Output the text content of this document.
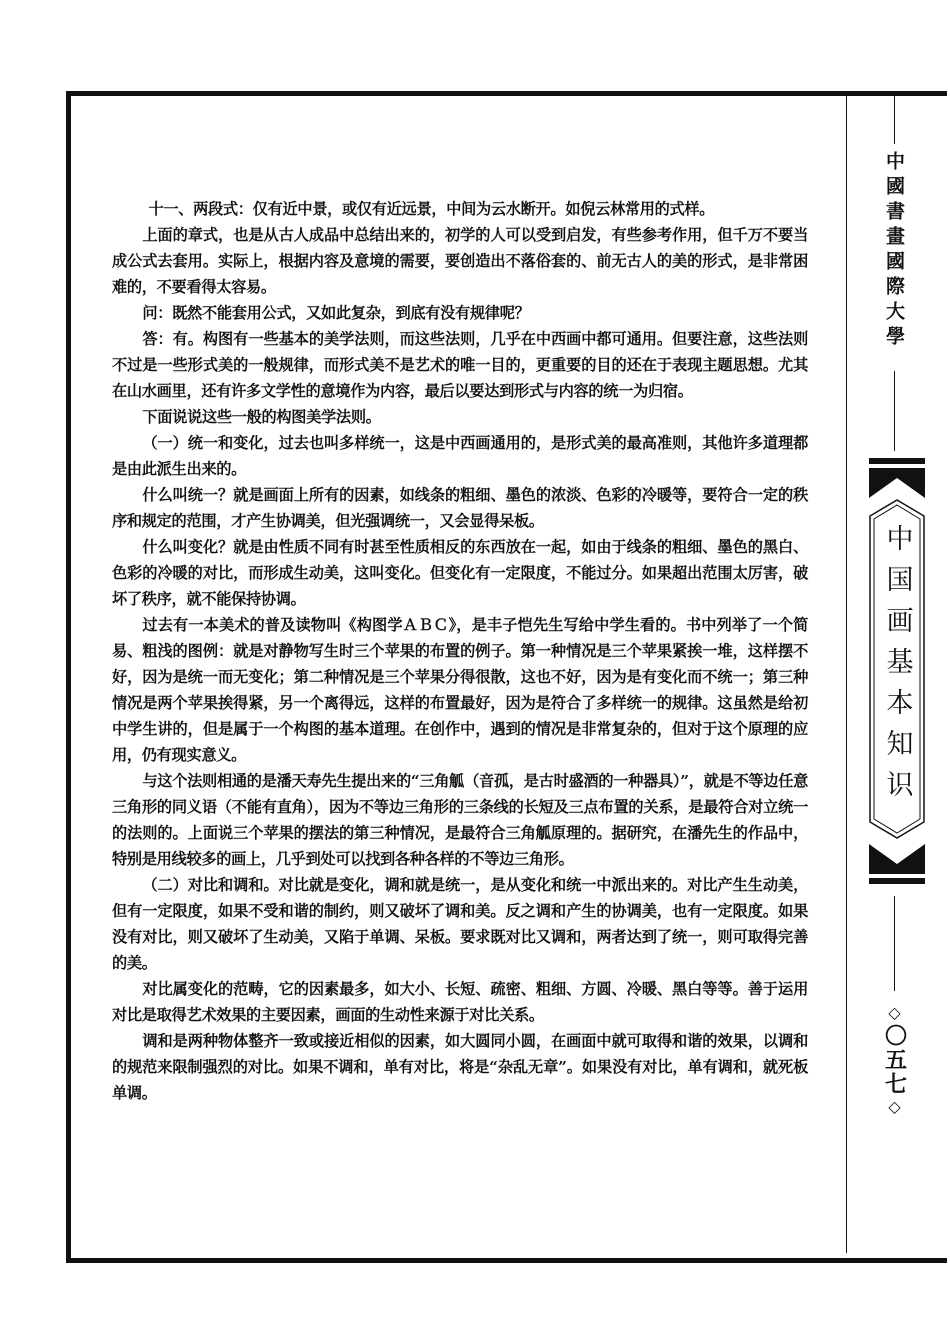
十一、两段式：仅有近中景，或仅有近远景，中间为云水断开。如倪云林常用的式样。

上面的章式，也是从古人成品中总结出来的，初学的人可以受到启发，有些参考作用，但千万不要当成公式去套用。实际上，根据内容及意境的需要，要创造出不落俗套的、前无古人的美的形式，是非常困难的，不要看得太容易。

问：既然不能套用公式，又如此复杂，到底有没有规律呢？

答：有。构图有一些基本的美学法则，而这些法则，几乎在中西画中都可通用。但要注意，这些法则不过是一些形式美的一般规律，而形式美不是艺术的唯一目的，更重要的目的还在于表现主题思想。尤其在山水画里，还有许多文学性的意境作为内容，最后以要达到形式与内容的统一为归宿。

下面说说这些一般的构图美学法则。

（一）统一和变化，过去也叫多样统一，这是中西画通用的，是形式美的最高准则，其他许多道理都是由此派生出来的。

什么叫统一？就是画面上所有的因素，如线条的粗细、墨色的浓淡、色彩的冷暖等，要符合一定的秩序和规定的范围，才产生协调美，但光强调统一，又会显得呆板。

什么叫变化？就是由性质不同有时甚至性质相反的东西放在一起，如由于线条的粗细、墨色的黑白、色彩的冷暖的对比，而形成生动美，这叫变化。但变化有一定限度，不能过分。如果超出范围太厉害，破坏了秩序，就不能保持协调。

过去有一本美术的普及读物叫《构图学ＡＢＣ》，是丰子恺先生写给中学生看的。书中列举了一个简易、粗浅的图例：就是对静物写生时三个苹果的布置的例子。第一种情况是三个苹果紧挨一堆，这样摆不好，因为是统一而无变化；第二种情况是三个苹果分得很散，这也不好，因为是有变化而不统一；第三种情况是两个苹果挨得紧，另一个离得远，这样的布置最好，因为是符合了多样统一的规律。这虽然是给初中学生讲的，但是属于一个构图的基本道理。在创作中，遇到的情况是非常复杂的，但对于这个原理的应用，仍有现实意义。

与这个法则相通的是潘天寿先生提出来的“三角觚（音孤，是古时盛酒的一种器具）”，就是不等边任意三角形的同义语（不能有直角），因为不等边三角形的三条线的长短及三点布置的关系，是最符合对立统一的法则的。上面说三个苹果的摆法的第三种情况，是最符合三角觚原理的。据研究，在潘先生的作品中，特别是用线较多的画上，几乎到处可以找到各种各样的不等边三角形。

（二）对比和调和。对比就是变化，调和就是统一，是从变化和统一中派出来的。对比产生生动美，但有一定限度，如果不受和谐的制约，则又破坏了调和美。反之调和产生的协调美，也有一定限度。如果没有对比，则又破坏了生动美，又陷于单调、呆板。要求既对比又调和，两者达到了统一，则可取得完善的美。

对比属变化的范畴，它的因素最多，如大小、长短、疏密、粗细、方圆、冷暖、黑白等等。善于运用对比是取得艺术效果的主要因素，画面的生动性来源于对比关系。

调和是两种物体整齐一致或接近相似的因素，如大圆同小圆，在画面中就可取得和谐的效果，以调和的规范来限制强烈的对比。如果不调和，单有对比，将是“杂乱无章”。如果没有对比，单有调和，就死板单调。

中國書畫國際大學
中国画基本知识
◇
〇五七
◇
